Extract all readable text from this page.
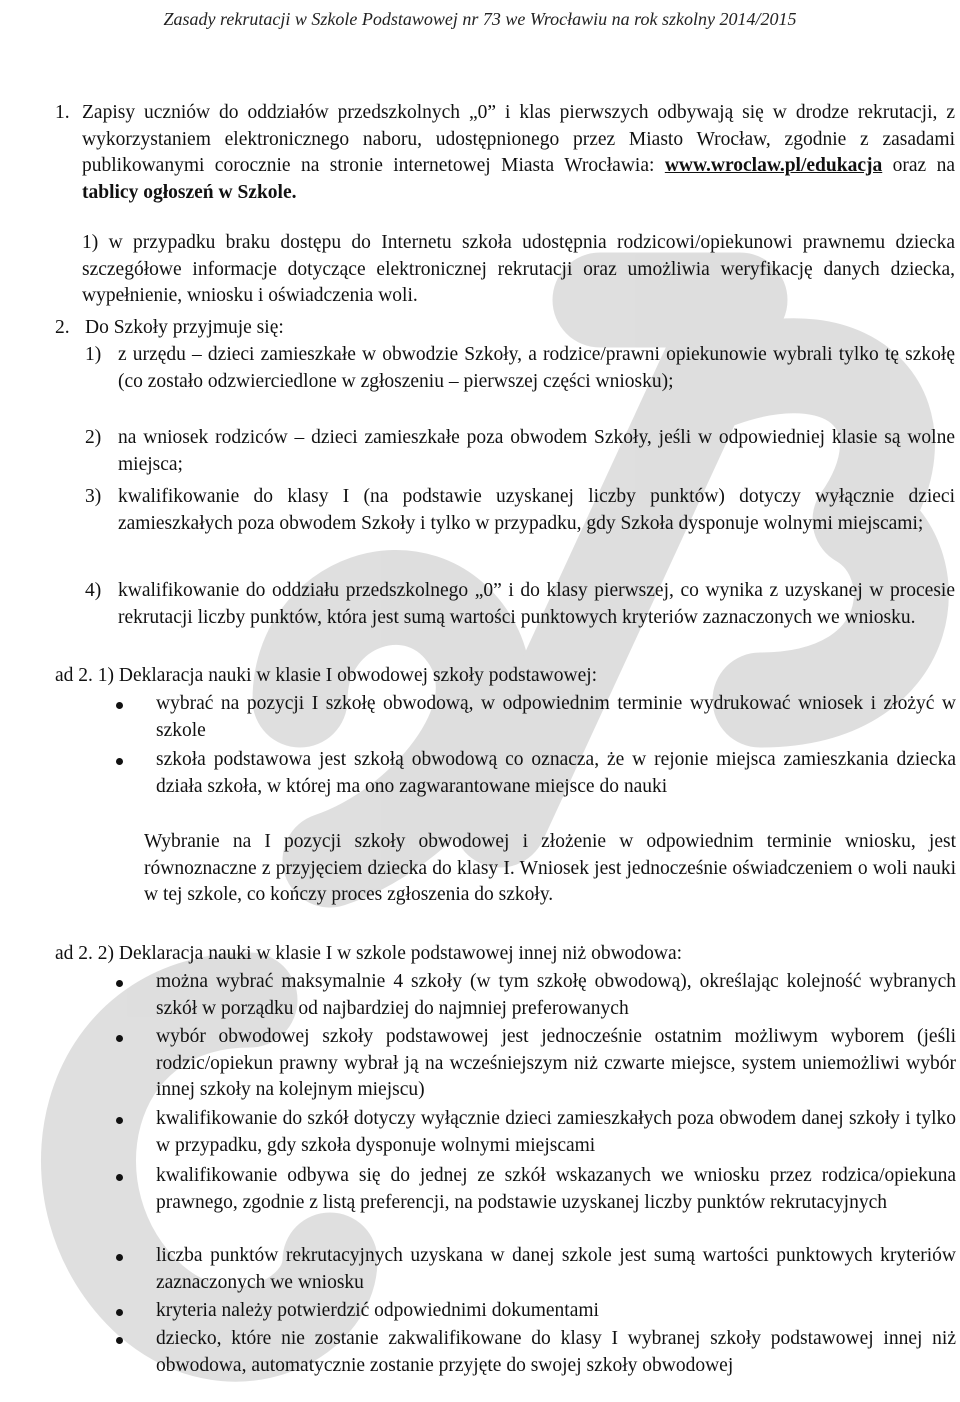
Zasady rekrutacji w Szkole Podstawowej nr 73 we Wrocławiu na rok szkolny 2014/2015
1. Zapisy uczniów do oddziałów przedszkolnych „0” i klas pierwszych odbywają się w drodze rekrutacji, z wykorzystaniem elektronicznego naboru, udostępnionego przez Miasto Wrocław, zgodnie z zasadami publikowanymi corocznie na stronie internetowej Miasta Wrocławia: www.wroclaw.pl/edukacja oraz na tablicy ogłoszeń w Szkole.
1) w przypadku braku dostępu do Internetu szkoła udostępnia rodzicowi/opiekunowi prawnemu dziecka szczegółowe informacje dotyczące elektronicznej rekrutacji oraz umożliwia weryfikację danych dziecka, wypełnienie, wniosku i oświadczenia woli.
2. Do Szkoły przyjmuje się:
1) z urzędu – dzieci zamieszkałe w obwodzie Szkoły, a rodzice/prawni opiekunowie wybrali tylko tę szkołę (co zostało odzwierciedlone w zgłoszeniu – pierwszej części wniosku);
2) na wniosek rodziców – dzieci zamieszkałe poza obwodem Szkoły, jeśli w odpowiedniej klasie są wolne miejsca;
3) kwalifikowanie do klasy I (na podstawie uzyskanej liczby punktów) dotyczy wyłącznie dzieci zamieszkałych poza obwodem Szkoły i tylko w przypadku, gdy Szkoła dysponuje wolnymi miejscami;
4) kwalifikowanie do oddziału przedszkolnego „0” i do klasy pierwszej, co wynika z uzyskanej w procesie rekrutacji liczby punktów, która jest sumą wartości punktowych kryteriów zaznaczonych we wniosku.
ad 2. 1) Deklaracja nauki w klasie I obwodowej szkoły podstawowej:
wybrać na pozycji I szkołę obwodową, w odpowiednim terminie wydrukować wniosek i złożyć w szkole
szkoła podstawowa jest szkołą obwodową co oznacza, że w rejonie miejsca zamieszkania dziecka działa szkoła, w której ma ono zagwarantowane miejsce do nauki
Wybranie na I pozycji szkoły obwodowej i złożenie w odpowiednim terminie wniosku, jest równoznaczne z przyjęciem dziecka do klasy I. Wniosek jest jednocześnie oświadczeniem o woli nauki w tej szkole, co kończy proces zgłoszenia do szkoły.
ad 2. 2) Deklaracja nauki w klasie I w szkole podstawowej innej niż obwodowa:
można wybrać maksymalnie 4 szkoły (w tym szkołę obwodową), określając kolejność wybranych szkół w porządku od najbardziej do najmniej preferowanych
wybór obwodowej szkoły podstawowej jest jednocześnie ostatnim możliwym wyborem (jeśli rodzic/opiekun prawny wybrał ją na wcześniejszym niż czwarte miejsce, system uniemożliwi wybór innej szkoły na kolejnym miejscu)
kwalifikowanie do szkół dotyczy wyłącznie dzieci zamieszkałych poza obwodem danej szkoły i tylko w przypadku, gdy szkoła dysponuje wolnymi miejscami
kwalifikowanie odbywa się do jednej ze szkół wskazanych we wniosku przez rodzica/opiekuna prawnego, zgodnie z listą preferencji, na podstawie uzyskanej liczby punktów rekrutacyjnych
liczba punktów rekrutacyjnych uzyskana w danej szkole jest sumą wartości punktowych kryteriów zaznaczonych we wniosku
kryteria należy potwierdzić odpowiednimi dokumentami
dziecko, które nie zostanie zakwalifikowane do klasy I wybranej szkoły podstawowej innej niż obwodowa, automatycznie zostanie przyjęte do swojej szkoły obwodowej
